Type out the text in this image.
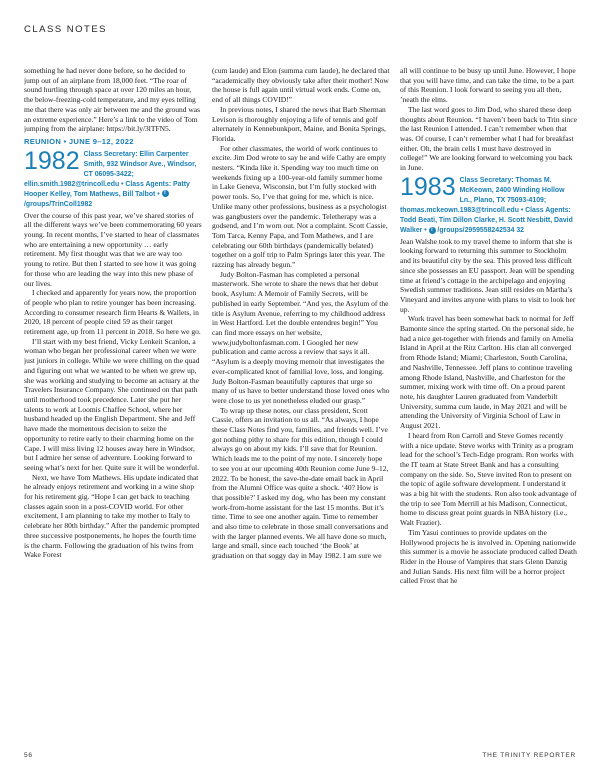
CLASS NOTES

something he had never done before, so he decided to jump out of an airplane from 18,000 feet. “The roar of sound hurtling through space at over 120 miles an hour, the below-freezing-cold temperature, and my eyes telling me that there was only air between me and the ground was an extreme experience.” Here’s a link to the video of Tom jumping from the airplane: https://bit.ly/3lTFN5.

REUNION • JUNE 9–12, 2022
1982 Class Secretary: Ellin Carpenter Smith, 932 Windsor Ave., Windsor, CT 06095-3422; ellin.smith.1982@trincoll.edu • Class Agents: Patty Hooper Kelley, Tom Mathews, Bill Talbot • f /groups/TrinColl1982

Over the course of this past year, we’ve shared stories of all the different ways we’ve been commemorating 60 years young. In recent months, I’ve started to hear of classmates who are entertaining a new opportunity … early retirement. My first thought was that we are way too young to retire. But then I started to see how it was going for those who are leading the way into this new phase of our lives.

I checked and apparently for years now, the proportion of people who plan to retire younger has been increasing. According to consumer research firm Hearts & Wallets, in 2020, 18 percent of people cited 59 as their target retirement age, up from 11 percent in 2018. So here we go.

I’ll start with my best friend, Vicky Lenkeit Scanlon, a woman who began her professional career when we were just juniors in college. While we were chilling on the quad and figuring out what we wanted to be when we grew up, she was working and studying to become an actuary at the Travelers Insurance Company. She continued on that path until motherhood took precedence. Later she put her talents to work at Loomis Chaffee School, where her husband headed up the English Department. She and Jeff have made the momentous decision to seize the opportunity to retire early to their charming home on the Cape. I will miss living 12 houses away here in Windsor, but I admire her sense of adventure. Looking forward to seeing what’s next for her. Quite sure it will be wonderful.

Next, we have Tom Mathews. His update indicated that he already enjoys retirement and working in a wine shop for his retirement gig. “Hope I can get back to teaching classes again soon in a post-COVID world. For other excitement, I am planning to take my mother to Italy to celebrate her 80th birthday.” After the pandemic prompted three successive postponements, he hopes the fourth time is the charm. Following the graduation of his twins from Wake Forest

(cum laude) and Elon (summa cum laude), he declared that “academically they obviously take after their mother! Now the house is full again until virtual work ends. Come on, end of all things COVID!”

In previous notes, I shared the news that Barb Sherman Levison is thoroughly enjoying a life of tennis and golf alternately in Kennebunkport, Maine, and Bonita Springs, Florida.

For other classmates, the world of work continues to excite. Jim Dod wrote to say he and wife Cathy are empty nesters. “Kinda like it. Spending way too much time on weekends fixing up a 100-year-old family summer home in Lake Geneva, Wisconsin, but I’m fully stocked with power tools. So, I’ve that going for me, which is nice. Unlike many other professions, business as a psychologist was gangbusters over the pandemic. Teletherapy was a godsend, and I’m worn out. Not a complaint. Scott Cassie, Tom Tarca, Kenny Papa, and Tom Mathews, and I are celebrating our 60th birthdays (pandemically belated) together on a golf trip to Palm Springs later this year. The razzing has already begun.”

Judy Bolton-Fasman has completed a personal masterwork. She wrote to share the news that her debut book, Asylum: A Memoir of Family Secrets, will be published in early September. “And yes, the Asylum of the title is Asylum Avenue, referring to my childhood address in West Hartford. Let the double entendres begin!” You can find more essays on her website, www.judyboltonfasman.com. I Googled her new publication and came across a review that says it all. “Asylum is a deeply moving memoir that investigates the ever-complicated knot of familial love, loss, and longing. Judy Bolton-Fasman beautifully captures that urge so many of us have to better understand those loved ones who were close to us yet nonetheless eluded our grasp.”

To wrap up these notes, our class president, Scott Cassie, offers an invitation to us all. “As always, I hope these Class Notes find you, families, and friends well. I’ve got nothing pithy to share for this edition, though I could always go on about my kids. I’ll save that for Reunion. Which leads me to the point of my note. I sincerely hope to see you at our upcoming 40th Reunion come June 9–12, 2022. To be honest, the save-the-date email back in April from the Alumni Office was quite a shock. ‘40? How is that possible?’ I asked my dog, who has been my constant work-from-home assistant for the last 15 months. But it’s time. Time to see one another again. Time to remember and also time to celebrate in those small conversations and with the larger planned events. We all have done so much, large and small, since each touched ‘the Book’ at graduation on that soggy day in May 1982. I am sure we

all will continue to be busy up until June. However, I hope that you will have time, and can take the time, to be a part of this Reunion. I look forward to seeing you all then, ’neath the elms.

The last word goes to Jim Dod, who shared these deep thoughts about Reunion. “I haven’t been back to Trin since the last Reunion I attended. I can’t remember when that was. Of course, I can’t remember what I had for breakfast either. Oh, the brain cells I must have destroyed in college!” We are looking forward to welcoming you back in June.

1983 Class Secretary: Thomas M. McKeown, 2400 Winding Hollow Ln., Plano, TX 75093-4109; thomas.mckeown.1983@trincoll.edu • Class Agents: Todd Beati, Tim Dillon Clarke, H. Scott Nesbitt, David Walker • f /groups/2959558242534 32

Jean Walshe took to my travel theme to inform that she is looking forward to returning this summer to Stockholm and its beautiful city by the sea. This proved less difficult since she possesses an EU passport. Jean will be spending time at friend’s cottage in the archipelago and enjoying Swedish summer traditions. Jean still resides on Martha’s Vineyard and invites anyone with plans to visit to look her up.

Work travel has been somewhat back to normal for Jeff Bamonte since the spring started. On the personal side, he had a nice get-together with friends and family on Amelia Island in April at the Ritz Carlton. His clan all converged from Rhode Island; Miami; Charleston, South Carolina, and Nashville, Tennessee. Jeff plans to continue traveling among Rhode Island, Nashville, and Charleston for the summer, mixing work with time off. On a proud parent note, his daughter Lauren graduated from Vanderbilt University, summa cum laude, in May 2021 and will be attending the University of Virginia School of Law in August 2021.

I heard from Ron Carroll and Steve Gomes recently with a nice update. Steve works with Trinity as a program lead for the school’s Tech-Edge program. Ron works with the IT team at State Street Bank and has a consulting company on the side. So, Steve invited Ron to present on the topic of agile software development. I understand it was a big hit with the students. Ron also took advantage of the trip to see Tom Merrill at his Madison, Connecticut, home to discuss great point guards in NBA history (i.e., Walt Frazier).

Tim Yasui continues to provide updates on the Hollywood projects he is involved in. Opening nationwide this summer is a movie he associate produced called Death Rider in the House of Vampires that stars Glenn Danzig and Julian Sands. His next film will be a horror project called Frost that he

56	THE TRINITY REPORTER
